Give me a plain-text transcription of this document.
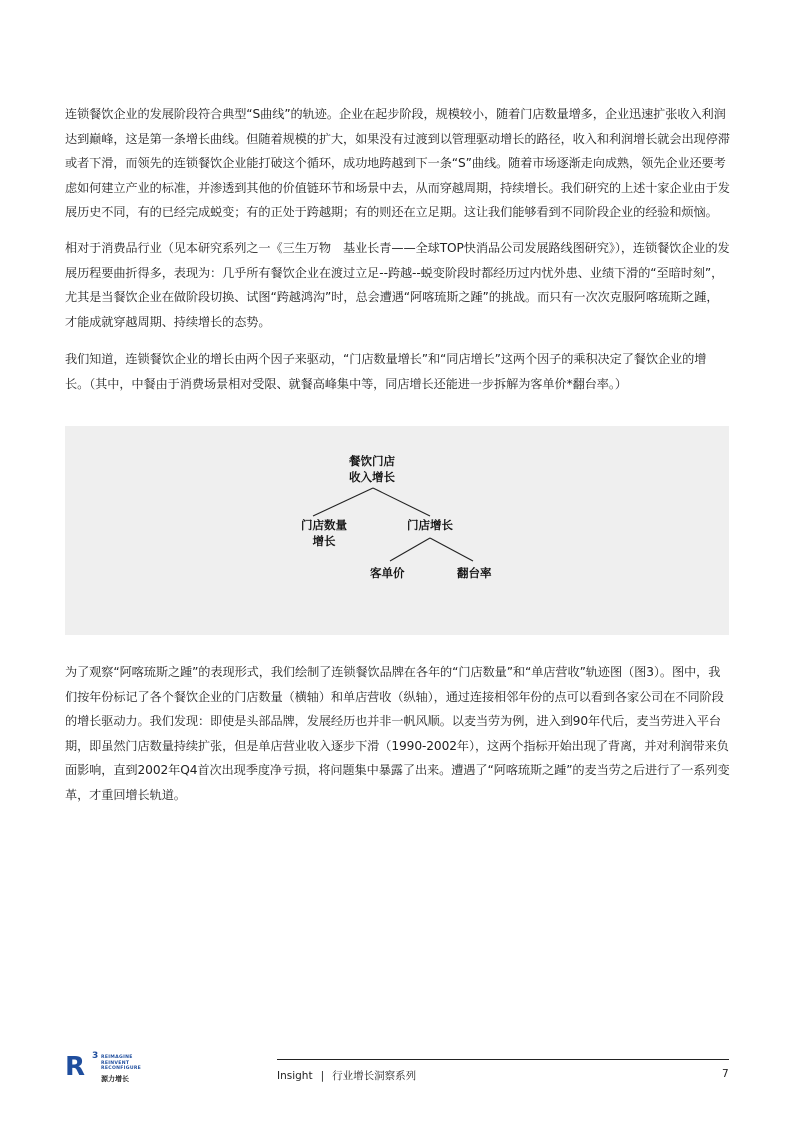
连锁餐饮企业的发展阶段符合典型“S曲线”的轨迹。企业在起步阶段，规模较小，随着门店数量增多，企业迅速扩张收入利润达到巅峰，这是第一条增长曲线。但随着规模的扩大，如果没有过渡到以管理驱动增长的路径，收入和利润增长就会出现停滞或者下滑，而领先的连锁餐饮企业能打破这个循环，成功地跨越到下一条“S”曲线。随着市场逐渐走向成熟，领先企业还要考虑如何建立产业的标准，并渗透到其他的价值链环节和场景中去，从而穿越周期，持续增长。我们研究的上述十家企业由于发展历史不同，有的已经完成蜕变；有的正处于跨越期；有的则还在立足期。这让我们能够看到不同阶段企业的经验和烦恼。

相对于消费品行业（见本研究系列之一《三生万物　基业长青——全球TOP快消品公司发展路线图研究》），连锁餐饮企业的发展历程要曲折得多，表现为：几乎所有餐饮企业在渡过立足--跨越--蜕变阶段时都经历过内忧外患、业绩下滑的“至暗时刻”，尤其是当餐饮企业在做阶段切换、试图“跨越鸿沟”时，总会遭遇“阿喀琉斯之踵”的挑战。而只有一次次克服阿喀琉斯之踵，才能成就穿越周期、持续增长的态势。

我们知道，连锁餐饮企业的增长由两个因子来驱动，“门店数量增长”和“同店增长”这两个因子的乘积决定了餐饮企业的增长。（其中，中餐由于消费场景相对受限、就餐高峰集中等，同店增长还能进一步拆解为客单价*翻台率。）

餐饮门店
收入增长
门店数量
增长
门店增长
客单价	翻台率

为了观察“阿喀琉斯之踵”的表现形式，我们绘制了连锁餐饮品牌在各年的“门店数量”和“单店营收”轨迹图（图3）。图中，我们按年份标记了各个餐饮企业的门店数量（横轴）和单店营收（纵轴），通过连接相邻年份的点可以看到各家公司在不同阶段的增长驱动力。我们发现：即使是头部品牌，发展经历也并非一帆风顺。以麦当劳为例，进入到90年代后，麦当劳进入平台期，即虽然门店数量持续扩张，但是单店营业收入逐步下滑（1990-2002年），这两个指标开始出现了背离，并对利润带来负面影响，直到2002年Q4首次出现季度净亏损，将问题集中暴露了出来。遭遇了“阿喀琉斯之踵”的麦当劳之后进行了一系列变革，才重回增长轨道。

R 3 REIMAGINE
REINVENT
RECONFIGURE
源力增长	Insight | 行业增长洞察系列	7
